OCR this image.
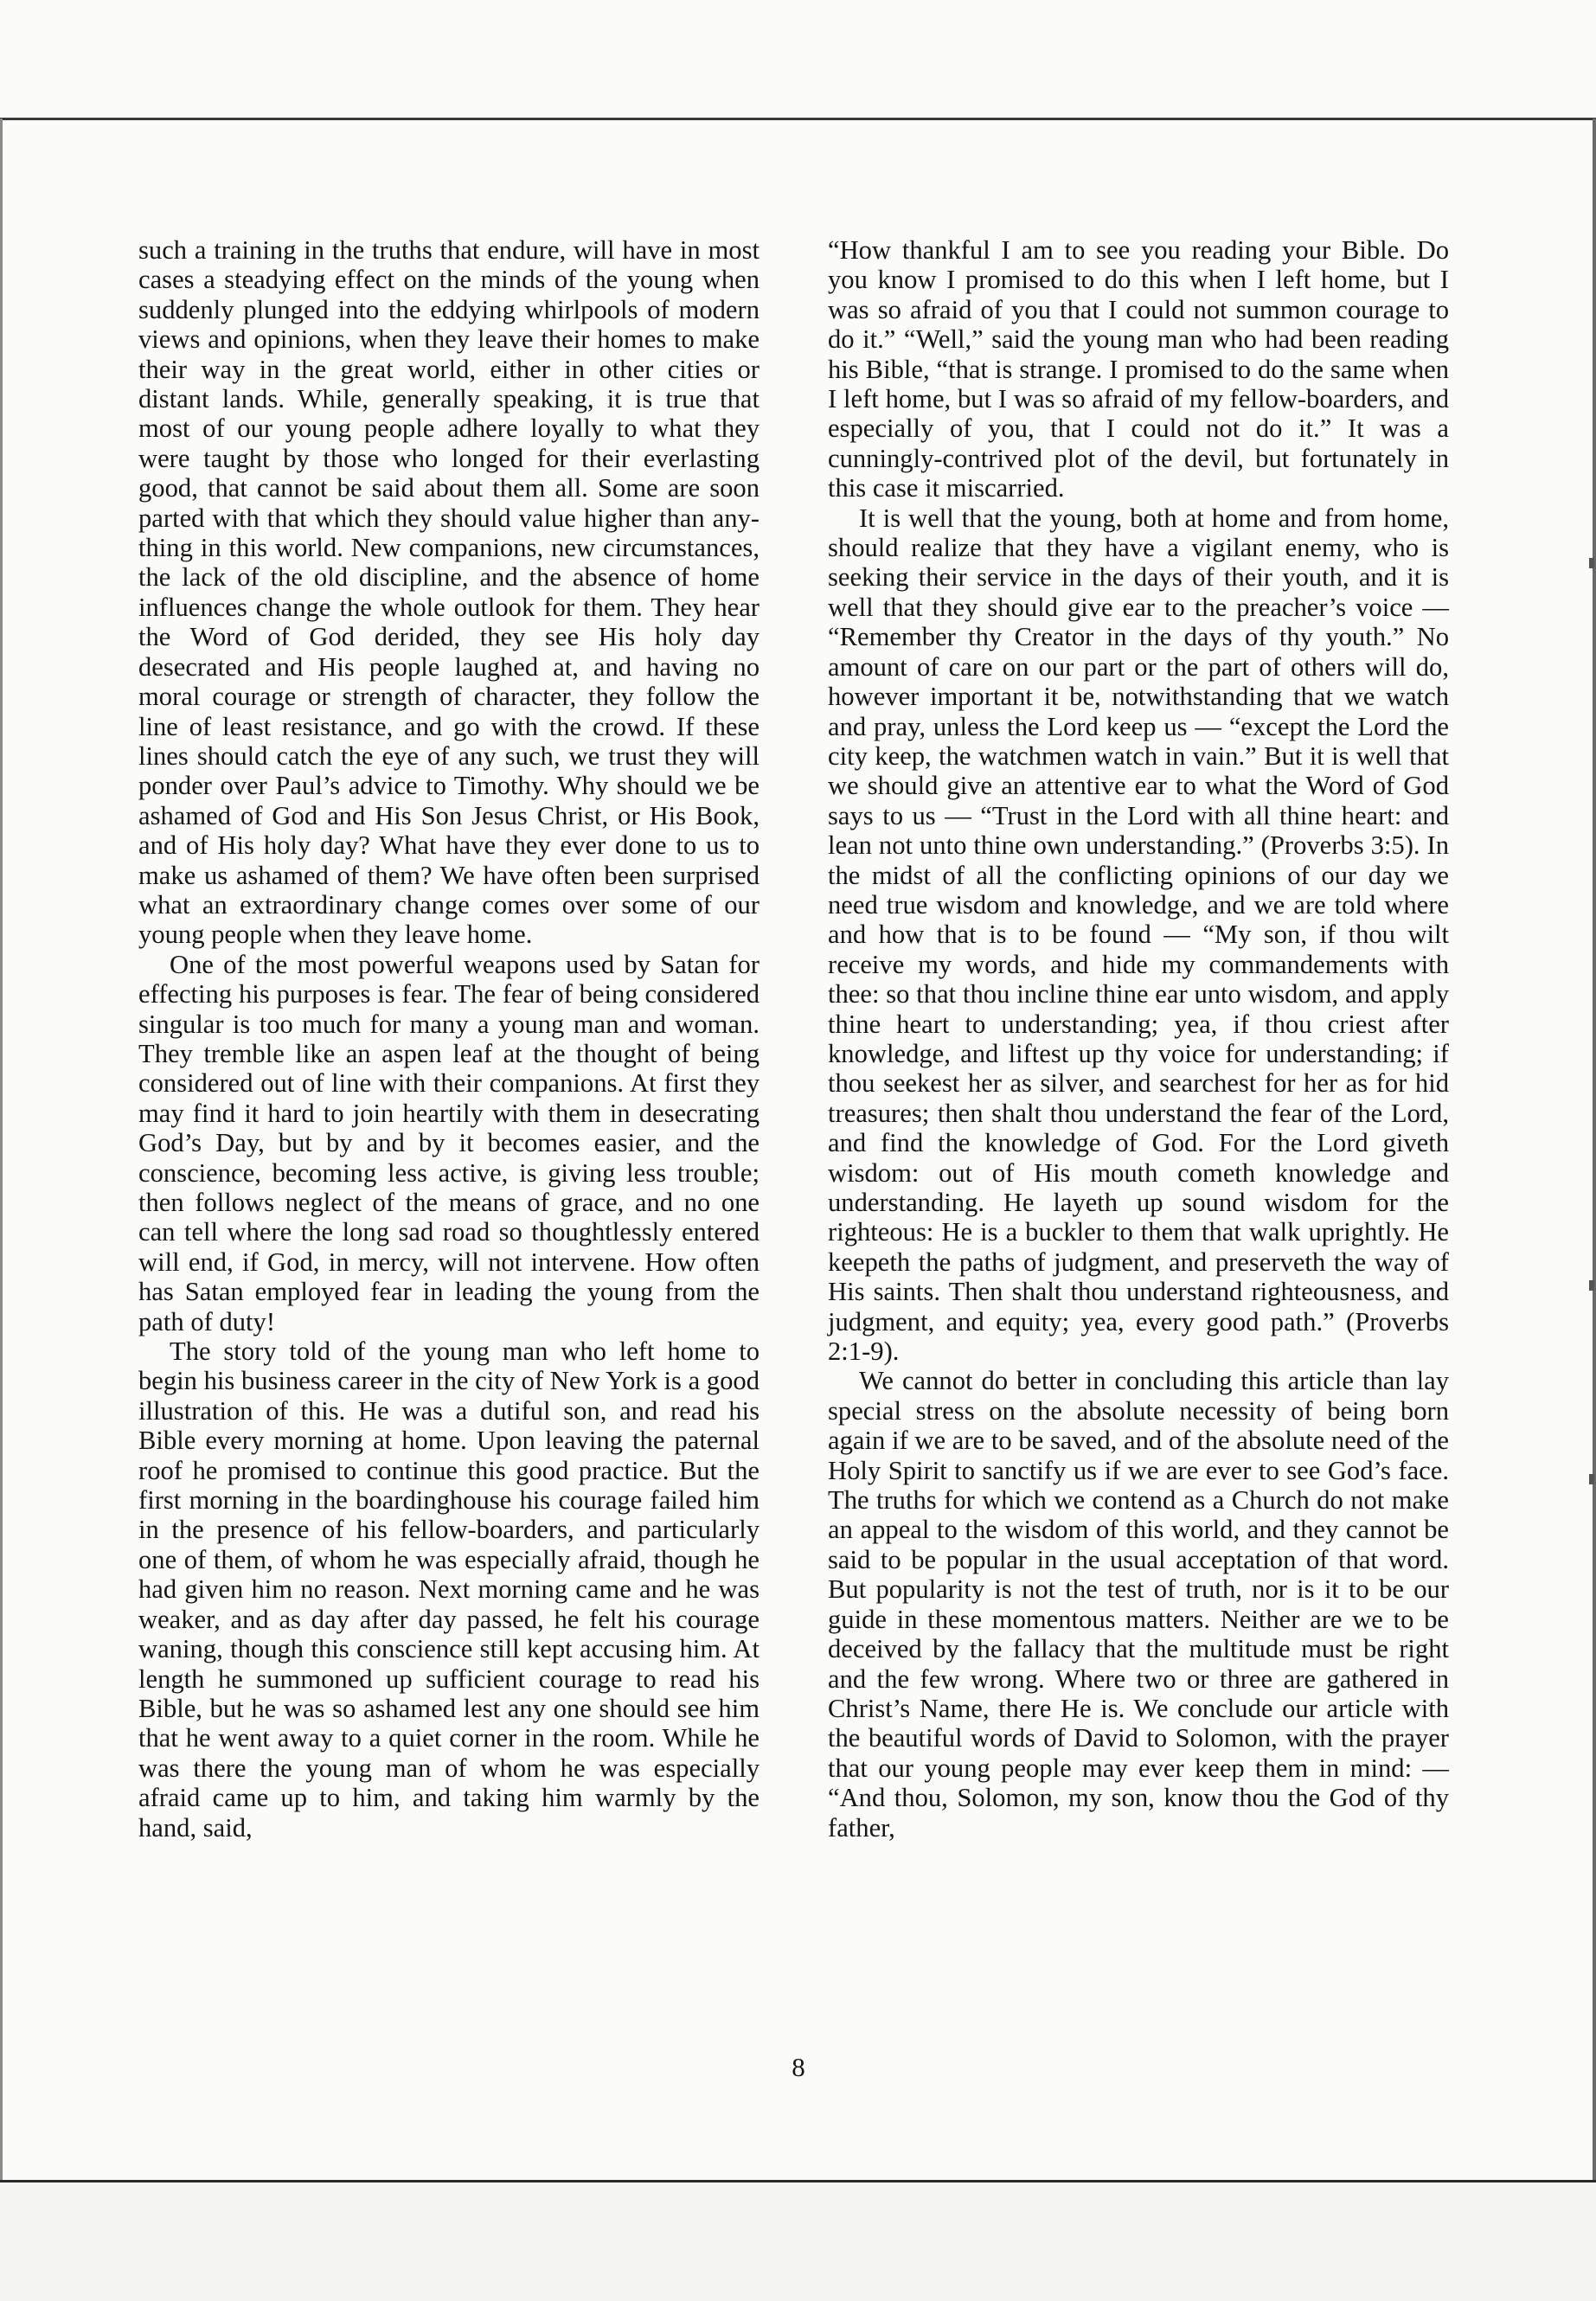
such a training in the truths that endure, will have in most cases a steadying effect on the minds of the young when suddenly plunged into the eddying whirlpools of modern views and opinions, when they leave their homes to make their way in the great world, either in other cities or distant lands. While, generally speaking, it is true that most of our young people adhere loyally to what they were taught by those who longed for their everlasting good, that cannot be said about them all. Some are soon parted with that which they should value higher than anything in this world. New companions, new circumstances, the lack of the old discipline, and the absence of home influences change the whole outlook for them. They hear the Word of God derided, they see His holy day desecrated and His people laughed at, and having no moral courage or strength of character, they follow the line of least resistance, and go with the crowd. If these lines should catch the eye of any such, we trust they will ponder over Paul’s advice to Timothy. Why should we be ashamed of God and His Son Jesus Christ, or His Book, and of His holy day? What have they ever done to us to make us ashamed of them? We have often been surprised what an extraordinary change comes over some of our young people when they leave home.

One of the most powerful weapons used by Satan for effecting his purposes is fear. The fear of being considered singular is too much for many a young man and woman. They tremble like an aspen leaf at the thought of being considered out of line with their companions. At first they may find it hard to join heartily with them in desecrating God’s Day, but by and by it becomes easier, and the conscience, becoming less active, is giving less trouble; then follows neglect of the means of grace, and no one can tell where the long sad road so thoughtlessly entered will end, if God, in mercy, will not intervene. How often has Satan employed fear in leading the young from the path of duty!

The story told of the young man who left home to begin his business career in the city of New York is a good illustration of this. He was a dutiful son, and read his Bible every morning at home. Upon leaving the paternal roof he promised to continue this good practice. But the first morning in the boardinghouse his courage failed him in the presence of his fellow-boarders, and particularly one of them, of whom he was especially afraid, though he had given him no reason. Next morning came and he was weaker, and as day after day passed, he felt his courage waning, though this conscience still kept accusing him. At length he summoned up sufficient courage to read his Bible, but he was so ashamed lest any one should see him that he went away to a quiet corner in the room. While he was there the young man of whom he was especially afraid came up to him, and taking him warmly by the hand, said,

“How thankful I am to see you reading your Bible. Do you know I promised to do this when I left home, but I was so afraid of you that I could not summon courage to do it.” “Well,” said the young man who had been reading his Bible, “that is strange. I promised to do the same when I left home, but I was so afraid of my fellow-boarders, and especially of you, that I could not do it.” It was a cunningly-contrived plot of the devil, but fortunately in this case it miscarried.

It is well that the young, both at home and from home, should realize that they have a vigilant enemy, who is seeking their service in the days of their youth, and it is well that they should give ear to the preacher’s voice — “Remember thy Creator in the days of thy youth.” No amount of care on our part or the part of others will do, however important it be, notwithstanding that we watch and pray, unless the Lord keep us — “except the Lord the city keep, the watchmen watch in vain.” But it is well that we should give an attentive ear to what the Word of God says to us — “Trust in the Lord with all thine heart: and lean not unto thine own understanding.” (Proverbs 3:5). In the midst of all the conflicting opinions of our day we need true wisdom and knowledge, and we are told where and how that is to be found — “My son, if thou wilt receive my words, and hide my commandements with thee: so that thou incline thine ear unto wisdom, and apply thine heart to understanding; yea, if thou criest after knowledge, and liftest up thy voice for understanding; if thou seekest her as silver, and searchest for her as for hid treasures; then shalt thou understand the fear of the Lord, and find the knowledge of God. For the Lord giveth wisdom: out of His mouth cometh knowledge and understanding. He layeth up sound wisdom for the righteous: He is a buckler to them that walk uprightly. He keepeth the paths of judgment, and preserveth the way of His saints. Then shalt thou understand righteousness, and judgment, and equity; yea, every good path.” (Proverbs 2:1-9).

We cannot do better in concluding this article than lay special stress on the absolute necessity of being born again if we are to be saved, and of the absolute need of the Holy Spirit to sanctify us if we are ever to see God’s face. The truths for which we contend as a Church do not make an appeal to the wisdom of this world, and they cannot be said to be popular in the usual acceptation of that word. But popularity is not the test of truth, nor is it to be our guide in these momentous matters. Neither are we to be deceived by the fallacy that the multitude must be right and the few wrong. Where two or three are gathered in Christ’s Name, there He is. We conclude our article with the beautiful words of David to Solomon, with the prayer that our young people may ever keep them in mind: — “And thou, Solomon, my son, know thou the God of thy father,

8
